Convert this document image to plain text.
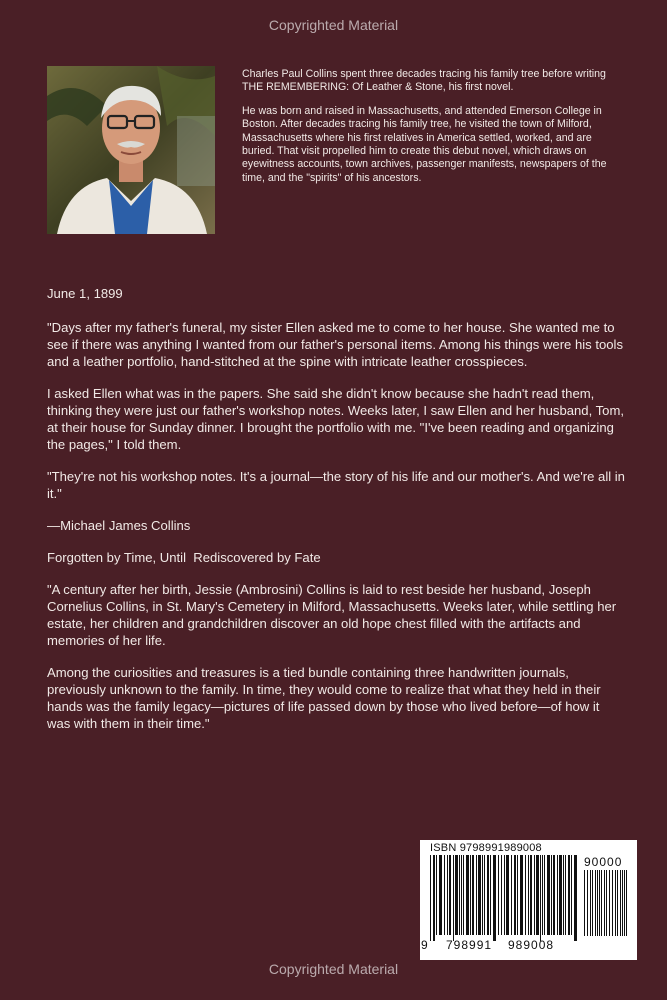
Copyrighted Material

Charles Paul Collins spent three decades tracing his family tree before writing THE REMEMBERING: Of Leather & Stone, his first novel.

He was born and raised in Massachusetts, and attended Emerson College in Boston. After decades tracing his family tree, he visited the town of Milford, Massachusetts where his first relatives in America settled, worked, and are buried. That visit propelled him to create this debut novel, which draws on eyewitness accounts, town archives, passenger manifests, newspapers of the time, and the "spirits" of his ancestors.

June 1, 1899

"Days after my father's funeral, my sister Ellen asked me to come to her house. She wanted me to see if there was anything I wanted from our father's personal items. Among his things were his tools and a leather portfolio, hand-stitched at the spine with intricate leather crosspieces.

I asked Ellen what was in the papers. She said she didn't know because she hadn't read them, thinking they were just our father's workshop notes. Weeks later, I saw Ellen and her husband, Tom, at their house for Sunday dinner. I brought the portfolio with me. "I've been reading and organizing the pages," I told them.

"They're not his workshop notes. It's a journal—the story of his life and our mother's. And we're all in it."

—Michael James Collins

Forgotten by Time, Until  Rediscovered by Fate

"A century after her birth, Jessie (Ambrosini) Collins is laid to rest beside her husband, Joseph Cornelius Collins, in St. Mary's Cemetery in Milford, Massachusetts. Weeks later, while settling her estate, her children and grandchildren discover an old hope chest filled with the artifacts and memories of her life.

Among the curiosities and treasures is a tied bundle containing three handwritten journals, previously unknown to the family. In time, they would come to realize that what they held in their hands was the family legacy—pictures of life passed down by those who lived before—of how it was with them in their time."

ISBN 9798991989008
9 798991 989008
90000
Copyrighted Material
